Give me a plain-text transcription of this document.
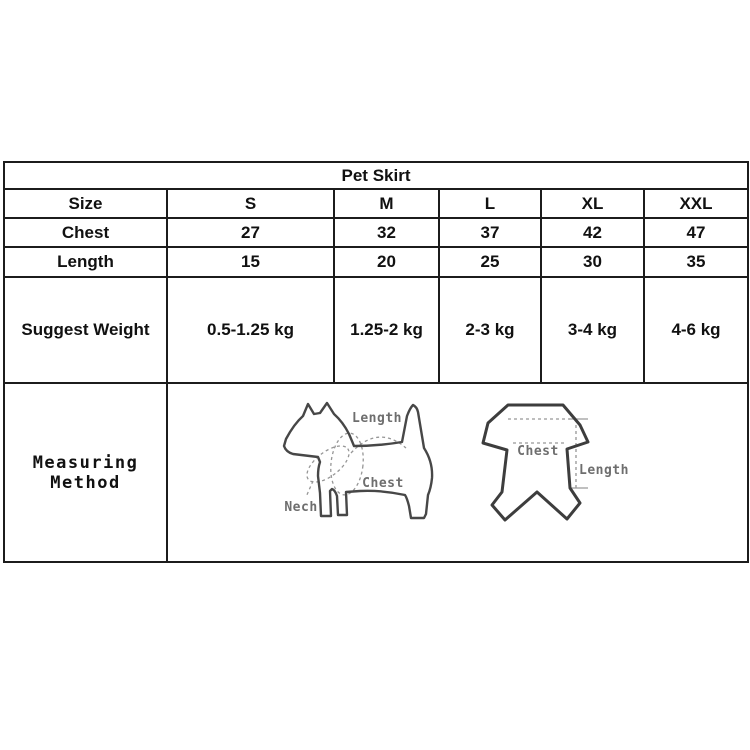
Pet Skirt					
Size	S	M	L	XL	XXL
Chest	27	32	37	42	47
Length	15	20	25	30	35
Suggest Weight	0.5-1.25 kg	1.25-2 kg	2-3 kg	3-4 kg	4-6 kg
Measuring Method	Length
Chest
Nech
Chest
Length				
